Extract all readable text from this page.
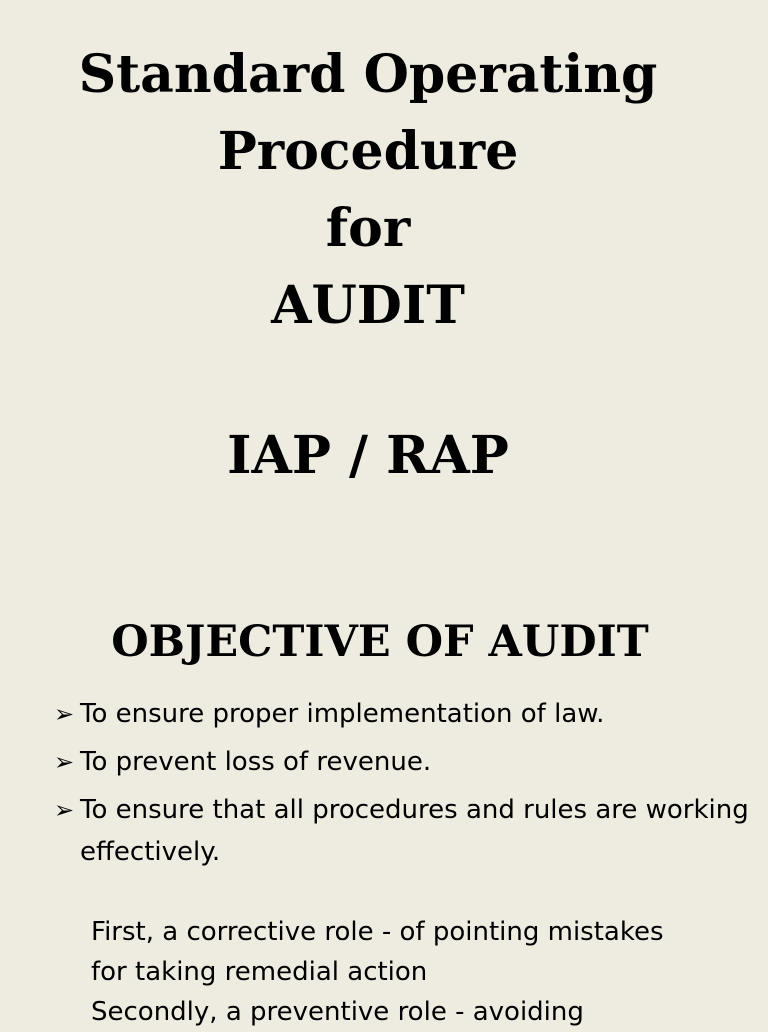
Standard Operating
Procedure
for
AUDIT
IAP / RAP
OBJECTIVE OF AUDIT
➢ To ensure proper implementation of law.
➢ To prevent loss of revenue.
➢ To ensure that all procedures and rules are working effectively.
First, a corrective role - of pointing mistakes
for taking remedial action
Secondly, a preventive role - avoiding
